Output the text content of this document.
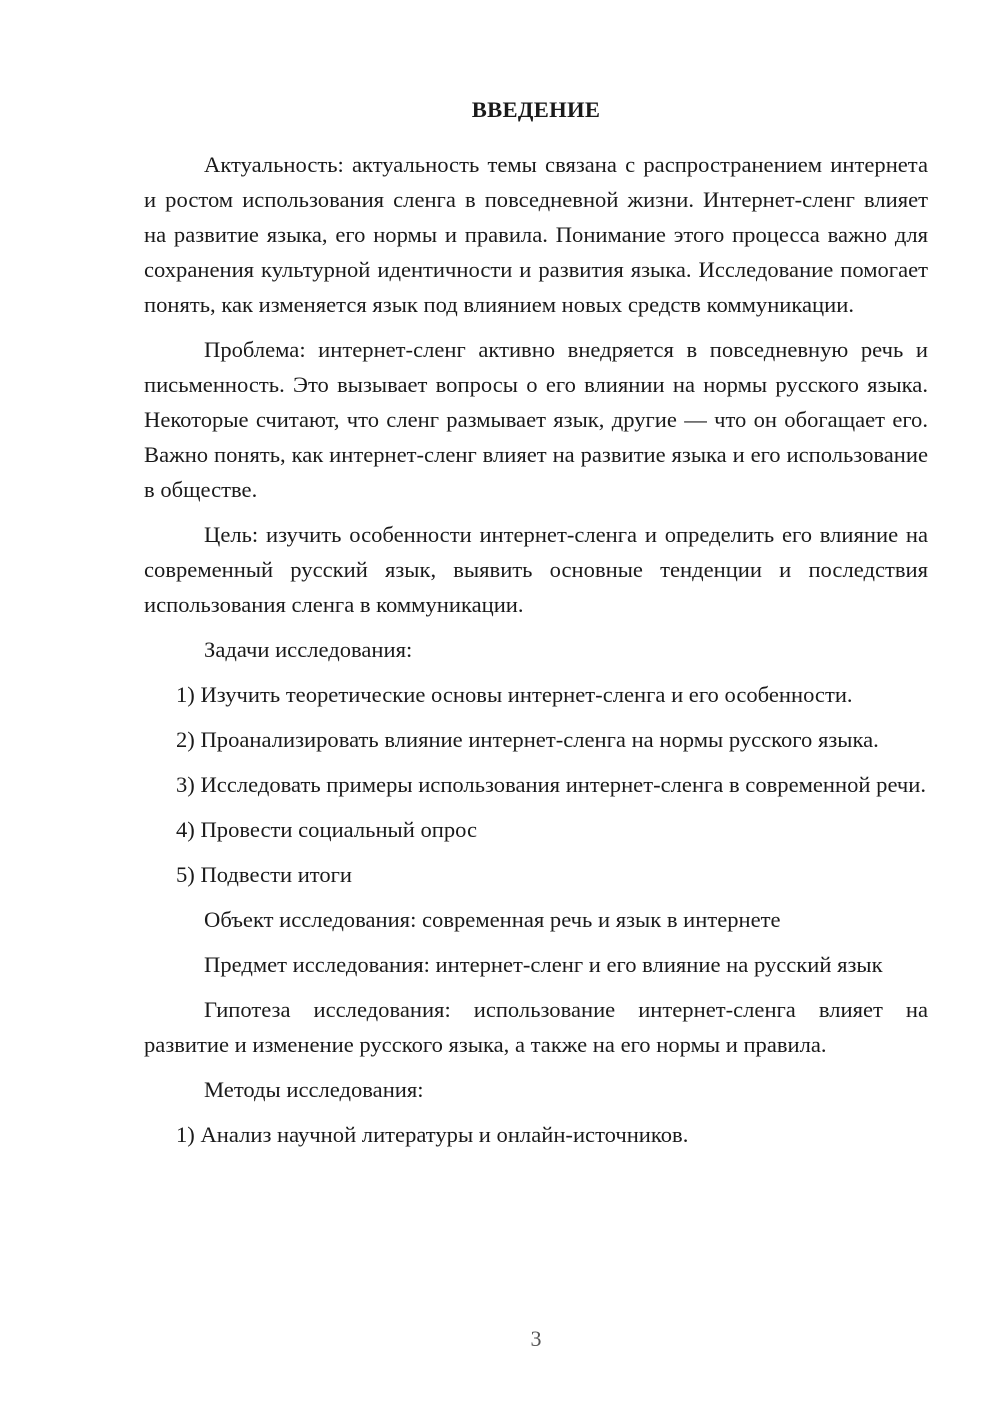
ВВЕДЕНИЕ

Актуальность: актуальность темы связана с распространением интернета и ростом использования сленга в повседневной жизни. Интернет-сленг влияет на развитие языка, его нормы и правила. Понимание этого процесса важно для сохранения культурной идентичности и развития языка. Исследование помогает понять, как изменяется язык под влиянием новых средств коммуникации.

Проблема: интернет-сленг активно внедряется в повседневную речь и письменность. Это вызывает вопросы о его влиянии на нормы русского языка. Некоторые считают, что сленг размывает язык, другие — что он обогащает его. Важно понять, как интернет-сленг влияет на развитие языка и его использование в обществе.

Цель: изучить особенности интернет-сленга и определить его влияние на современный русский язык, выявить основные тенденции и последствия использования сленга в коммуникации.

Задачи исследования:

1) Изучить теоретические основы интернет-сленга и его особенности.

2) Проанализировать влияние интернет-сленга на нормы русского языка.

3) Исследовать примеры использования интернет-сленга в современной речи.

4) Провести социальный опрос

5) Подвести итоги

Объект исследования: современная речь и язык в интернете

Предмет исследования: интернет-сленг и его влияние на русский язык

Гипотеза исследования: использование интернет-сленга влияет на развитие и изменение русского языка, а также на его нормы и правила.

Методы исследования:

1) Анализ научной литературы и онлайн-источников.

3
